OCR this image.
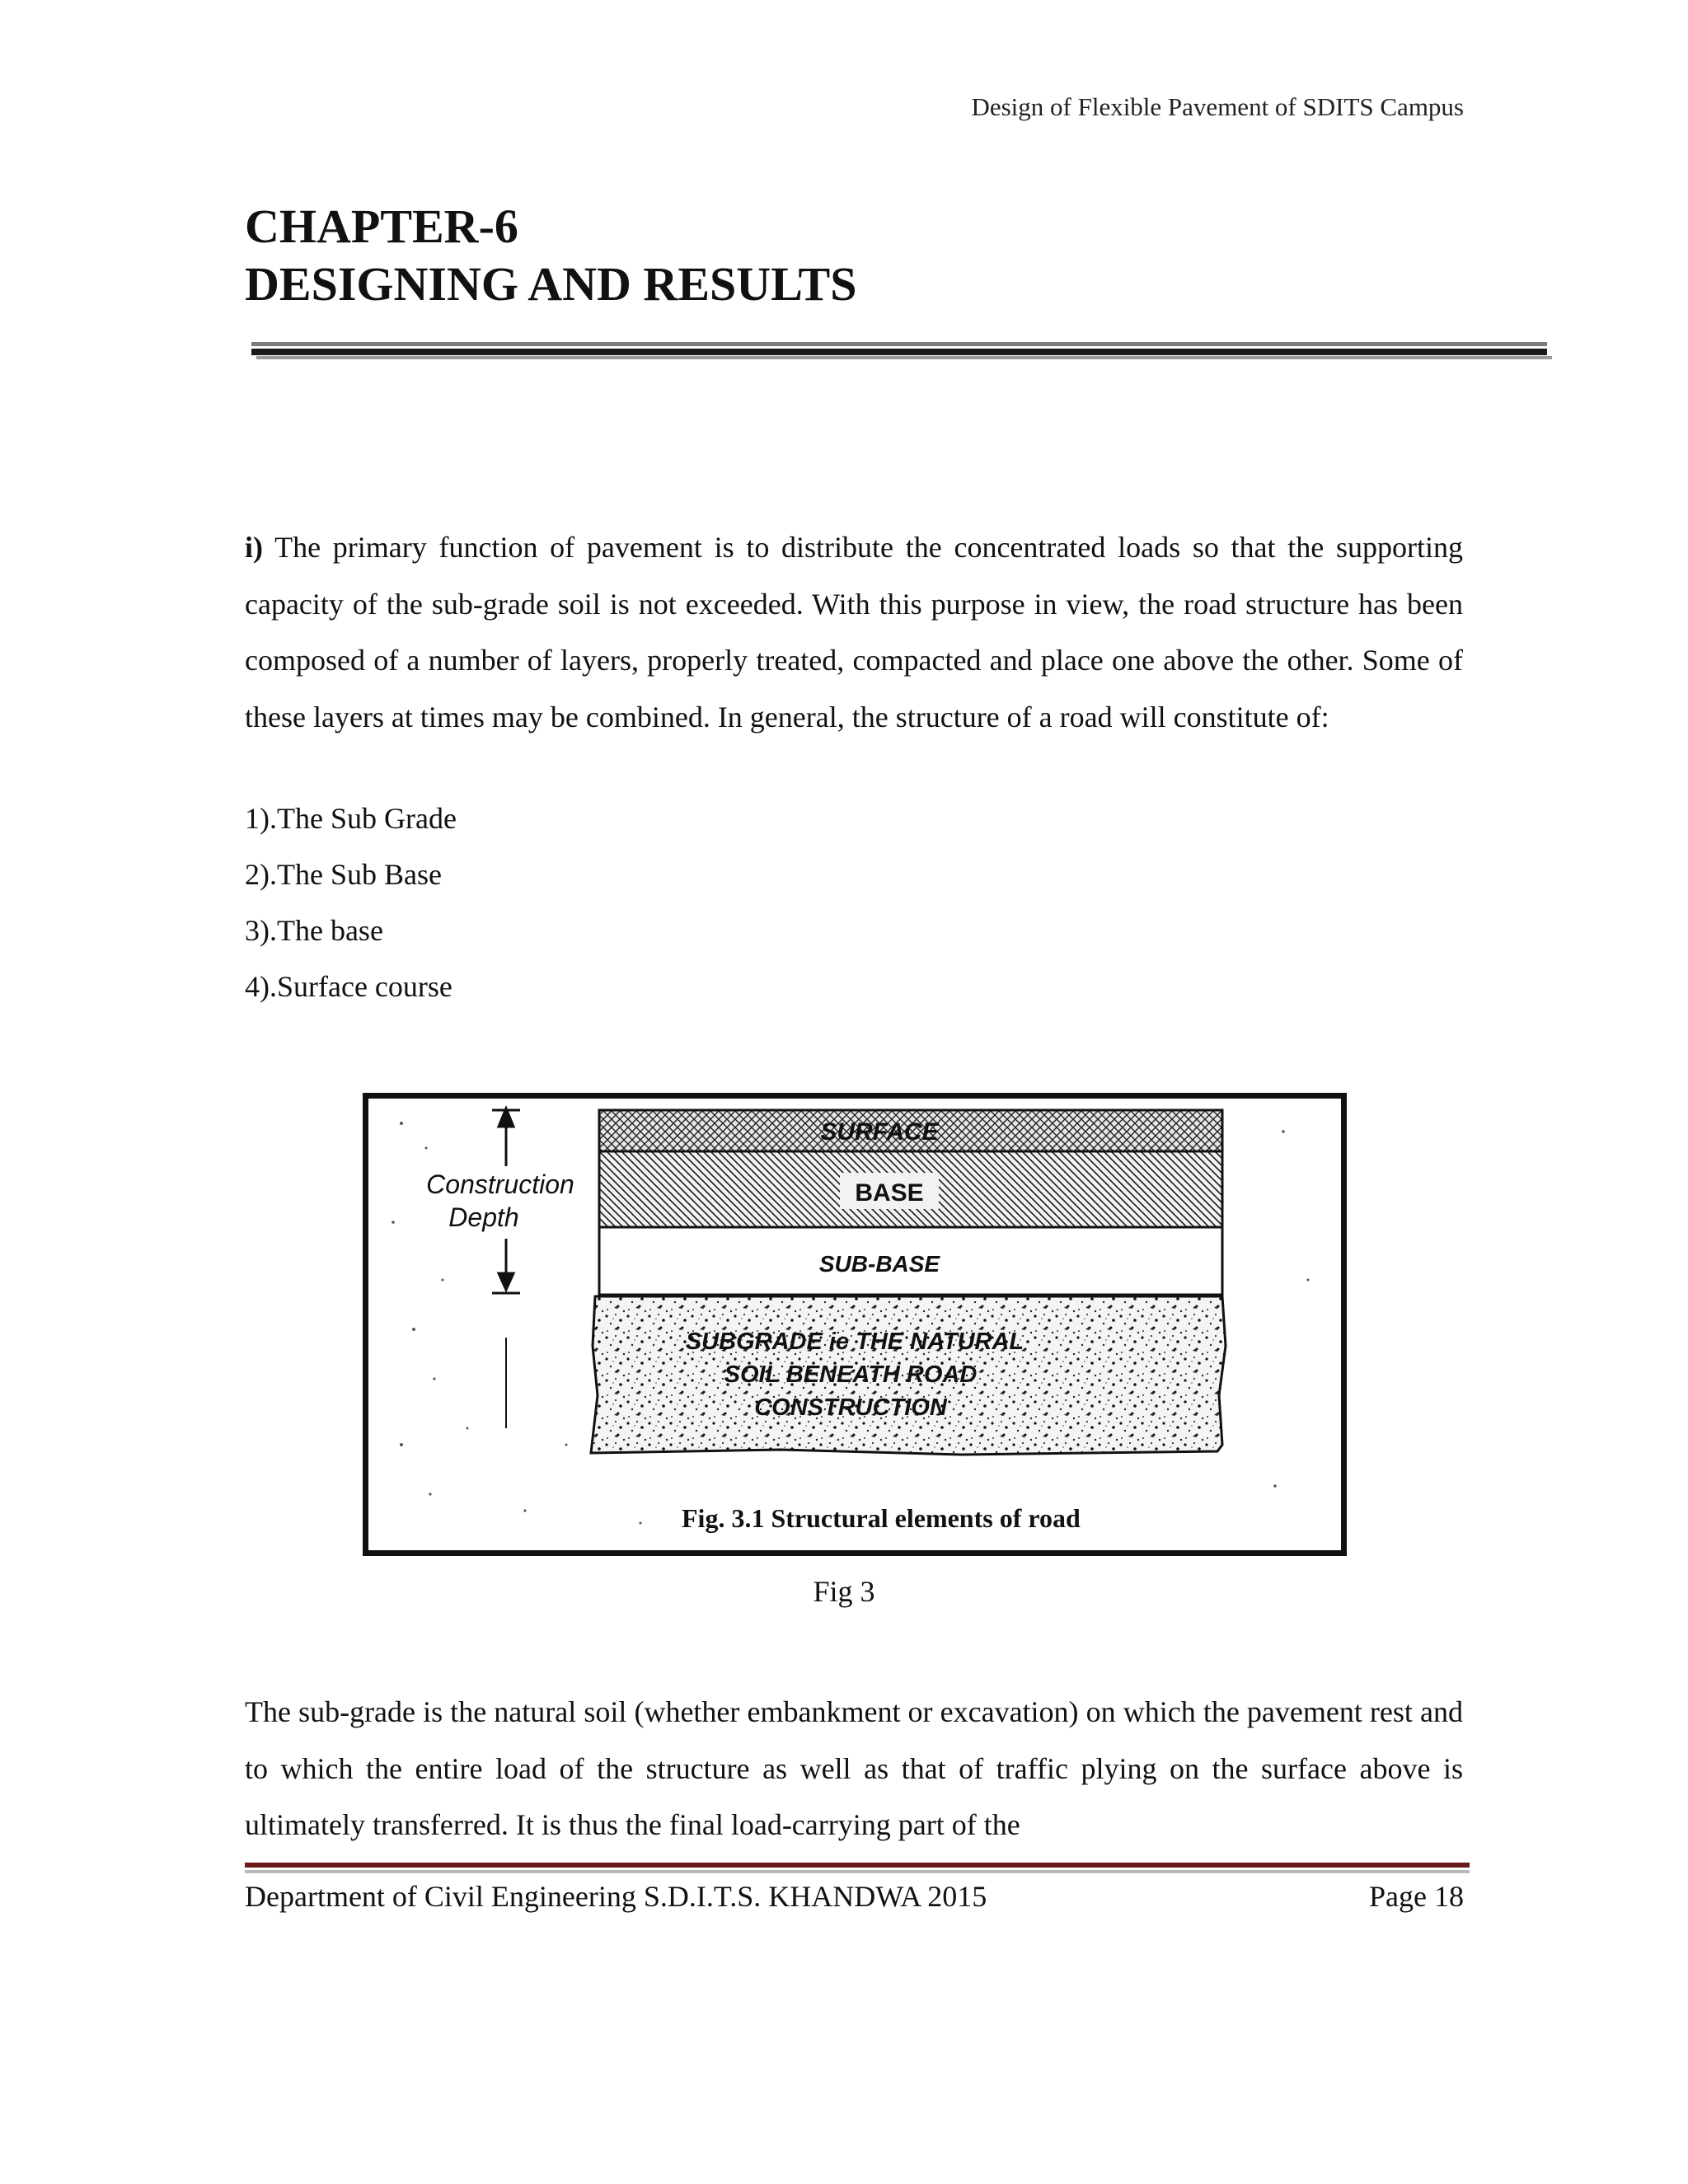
Design of Flexible Pavement of SDITS Campus
CHAPTER-6
DESIGNING AND RESULTS
i) The primary function of pavement is to distribute the concentrated loads so that the supporting capacity of the sub-grade soil is not exceeded. With this purpose in view, the road structure has been composed of a number of layers, properly treated, compacted and place one above the other. Some of these layers at times may be combined. In general, the structure of a road will constitute of:
1).The Sub Grade
2).The Sub Base
3).The base
4).Surface course
Construction
Depth
SURFACE
BASE
SUB-BASE
SUBGRADE ie THE NATURAL
SOIL BENEATH ROAD
CONSTRUCTION
Fig. 3.1 Structural elements of road
Fig 3
The sub-grade is the natural soil (whether embankment or excavation) on which the pavement rest and to which the entire load of the structure as well as that of traffic plying on the surface above is ultimately transferred. It is thus the final load-carrying part of the
Department of Civil Engineering S.D.I.T.S. KHANDWA 2015	Page 18
